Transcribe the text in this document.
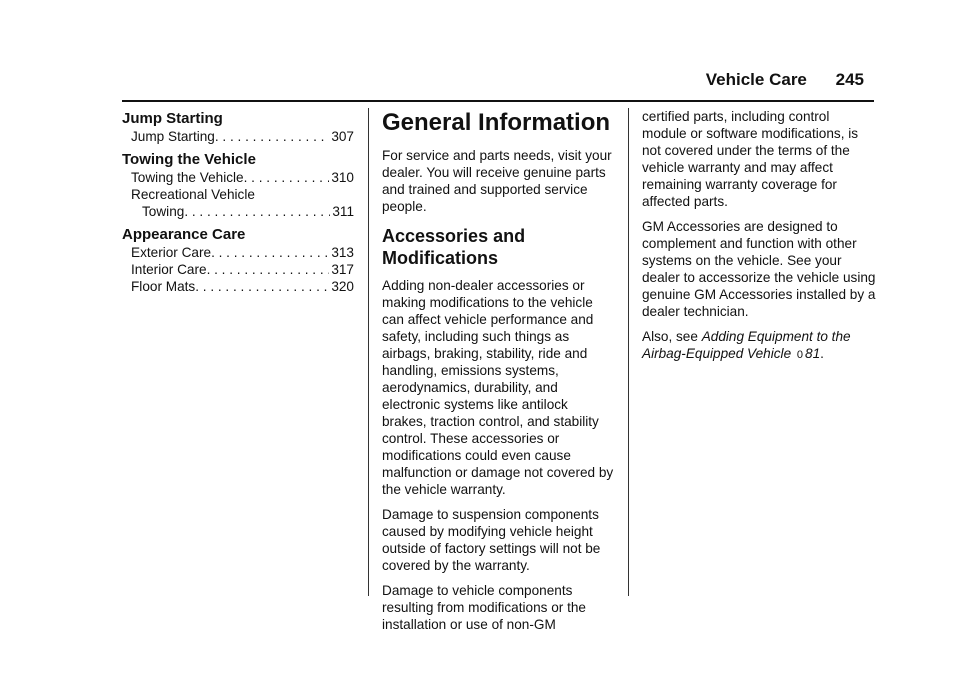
Vehicle Care 245
Jump Starting
Jump Starting . . .	307
Towing the Vehicle
Towing the Vehicle . . .	310
Recreational Vehicle
Towing . . .	311
Appearance Care
Exterior Care . . .	313
Interior Care . . .	317
Floor Mats . . .	320
General Information

For service and parts needs, visit your dealer. You will receive genuine parts and trained and supported service people.

Accessories and
Modifications

Adding non-dealer accessories or making modifications to the vehicle can affect vehicle performance and safety, including such things as airbags, braking, stability, ride and handling, emissions systems, aerodynamics, durability, and electronic systems like antilock brakes, traction control, and stability control. These accessories or modifications could even cause malfunction or damage not covered by the vehicle warranty.

Damage to suspension components caused by modifying vehicle height outside of factory settings will not be covered by the warranty.

Damage to vehicle components resulting from modifications or the installation or use of non-GM

certified parts, including control module or software modifications, is not covered under the terms of the vehicle warranty and may affect remaining warranty coverage for affected parts.

GM Accessories are designed to complement and function with other systems on the vehicle. See your dealer to accessorize the vehicle using genuine GM Accessories installed by a dealer technician.

Also, see Adding Equipment to the Airbag-Equipped Vehicle 0 81.
